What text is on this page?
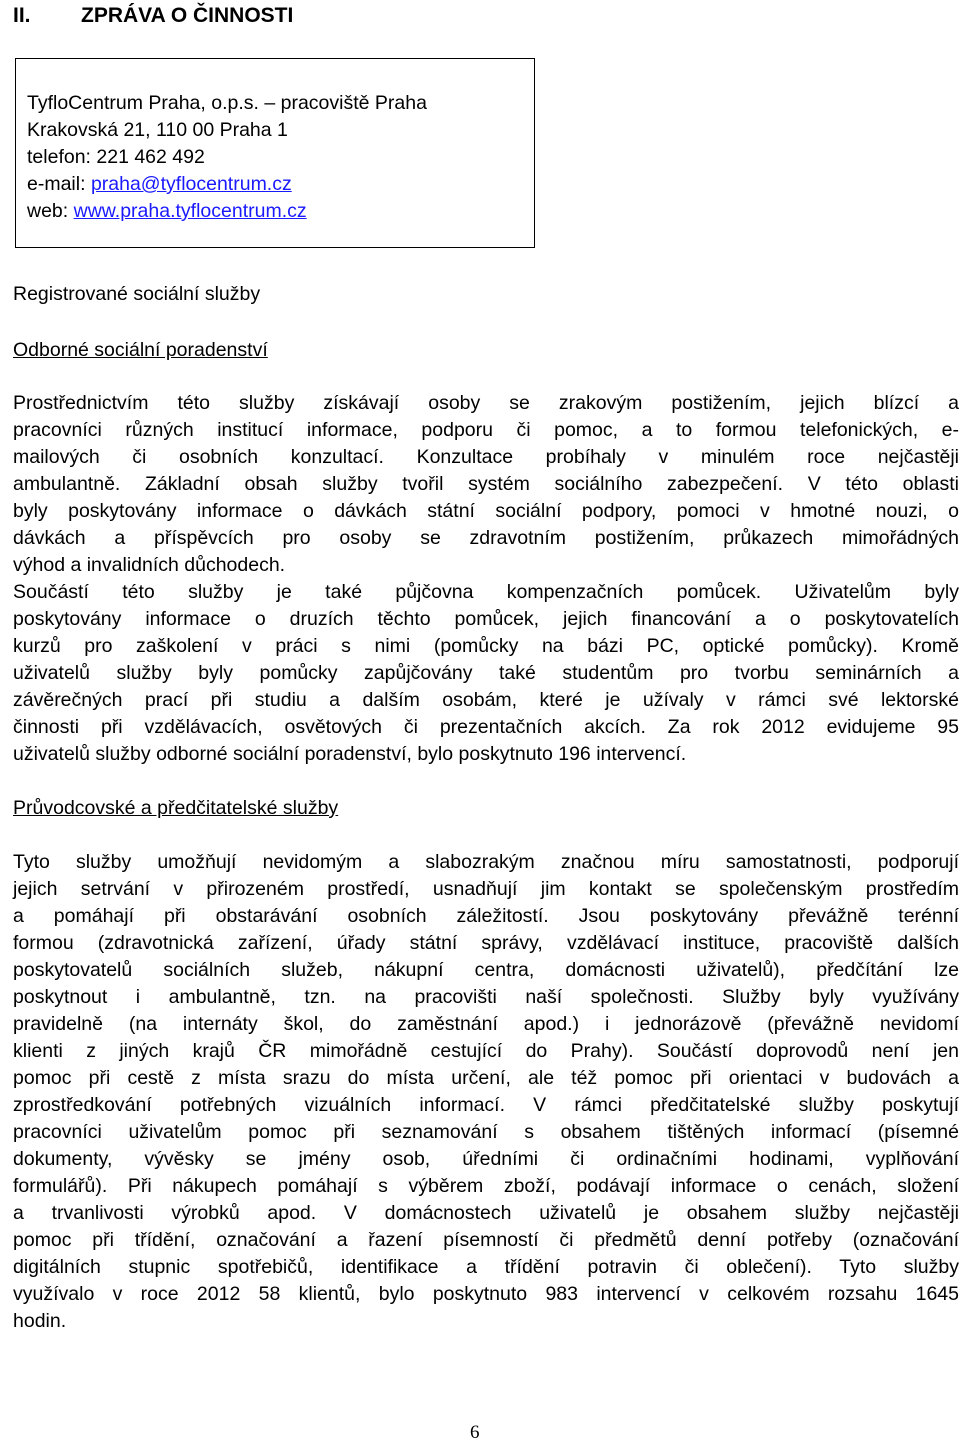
II. ZPRÁVA O ČINNOSTI
TyfloCentrum Praha, o.p.s. – pracoviště Praha
Krakovská 21, 110 00 Praha 1
telefon: 221 462 492
e-mail: praha@tyflocentrum.cz
web: www.praha.tyflocentrum.cz
Registrované sociální služby
Odborné sociální poradenství
Prostřednictvím této služby získávají osoby se zrakovým postižením, jejich blízcí a
pracovníci různých institucí informace, podporu či pomoc, a to formou telefonických, e-
mailových či osobních konzultací. Konzultace probíhaly v minulém roce nejčastěji
ambulantně. Základní obsah služby tvořil systém sociálního zabezpečení. V této oblasti
byly poskytovány informace o dávkách státní sociální podpory, pomoci v hmotné nouzi, o
dávkách a příspěvcích pro osoby se zdravotním postižením, průkazech mimořádných
výhod a invalidních důchodech.
Součástí této služby je také půjčovna kompenzačních pomůcek. Uživatelům byly
poskytovány informace o druzích těchto pomůcek, jejich financování a o poskytovatelích
kurzů pro zaškolení v práci s nimi (pomůcky na bázi PC, optické pomůcky). Kromě
uživatelů služby byly pomůcky zapůjčovány také studentům pro tvorbu seminárních a
závěrečných prací při studiu a dalším osobám, které je užívaly v rámci své lektorské
činnosti při vzdělávacích, osvětových či prezentačních akcích. Za rok 2012 evidujeme 95
uživatelů služby odborné sociální poradenství, bylo poskytnuto 196 intervencí.
Průvodcovské a předčitatelské služby
Tyto služby umožňují nevidomým a slabozrakým značnou míru samostatnosti, podporují
jejich setrvání v přirozeném prostředí, usnadňují jim kontakt se společenským prostředím
a pomáhají při obstarávání osobních záležitostí. Jsou poskytovány převážně terénní
formou (zdravotnická zařízení, úřady státní správy, vzdělávací instituce, pracoviště dalších
poskytovatelů sociálních služeb, nákupní centra, domácnosti uživatelů), předčítání lze
poskytnout i ambulantně, tzn. na pracovišti naší společnosti. Služby byly využívány
pravidelně (na internáty škol, do zaměstnání apod.) i jednorázově (převážně nevidomí
klienti z jiných krajů ČR mimořádně cestující do Prahy). Součástí doprovodů není jen
pomoc při cestě z místa srazu do místa určení, ale též pomoc při orientaci v budovách a
zprostředkování potřebných vizuálních informací. V rámci předčitatelské služby poskytují
pracovníci uživatelům pomoc při seznamování s obsahem tištěných informací (písemné
dokumenty, vývěsky se jmény osob, úředními či ordinačními hodinami, vyplňování
formulářů). Při nákupech pomáhají s výběrem zboží, podávají informace o cenách, složení
a trvanlivosti výrobků apod. V domácnostech uživatelů je obsahem služby nejčastěji
pomoc při třídění, označování a řazení písemností či předmětů denní potřeby (označování
digitálních stupnic spotřebičů, identifikace a třídění potravin či oblečení). Tyto služby
využívalo v roce 2012 58 klientů, bylo poskytnuto 983 intervencí v celkovém rozsahu 1645
hodin.
6
